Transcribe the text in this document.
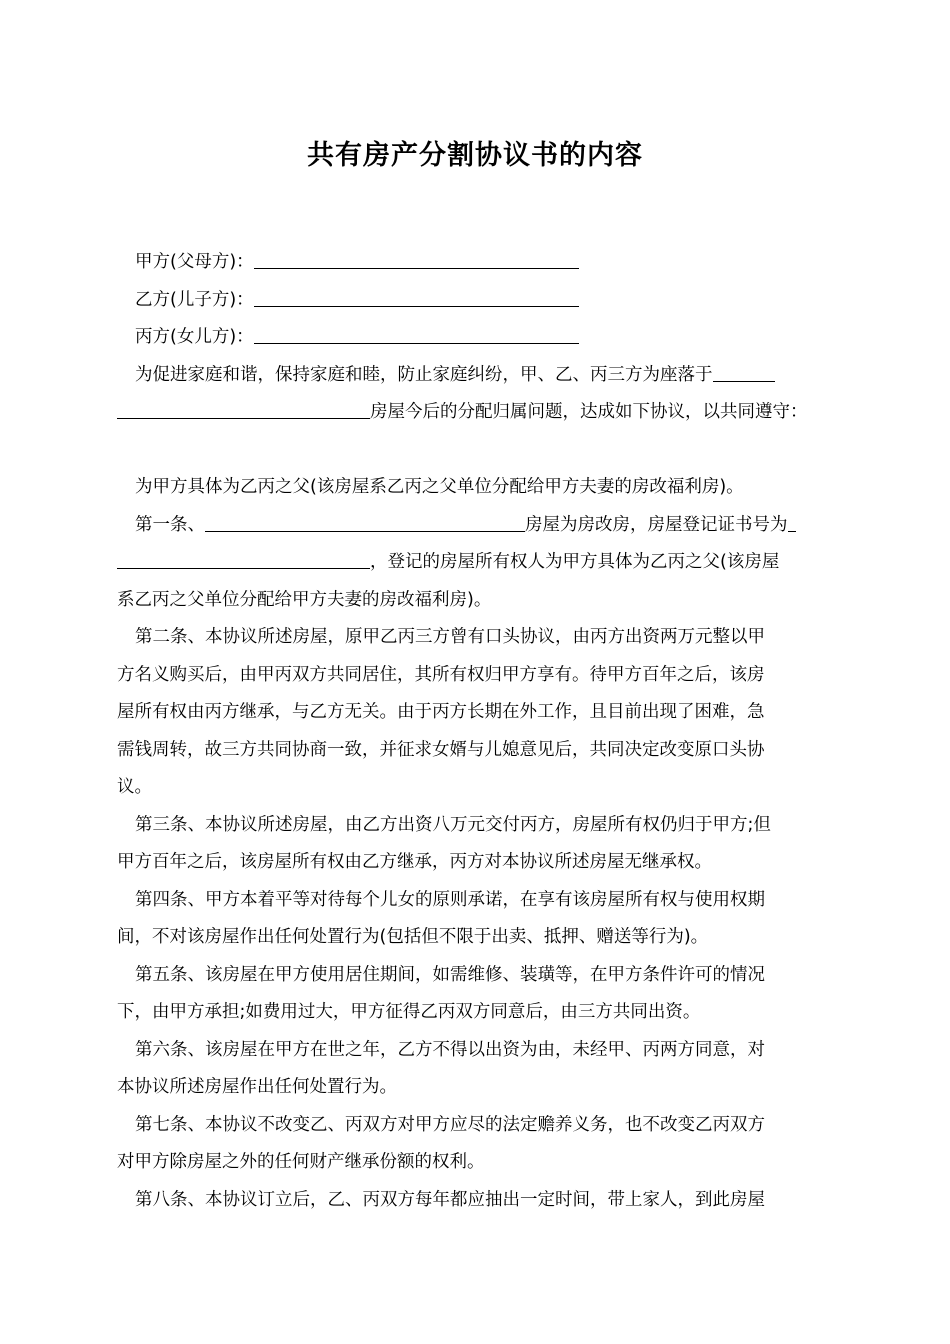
共有房产分割协议书的内容
甲方(父母方)：
乙方(儿子方)：
丙方(女儿方)：
为促进家庭和谐，保持家庭和睦，防止家庭纠纷，甲、乙、丙三方为座落于
房屋今后的分配归属问题，达成如下协议，以共同遵守：
为甲方具体为乙丙之父(该房屋系乙丙之父单位分配给甲方夫妻的房改福利房)。
第一条、	房屋为房改房，房屋登记证书号为
，登记的房屋所有权人为甲方具体为乙丙之父(该房屋
系乙丙之父单位分配给甲方夫妻的房改福利房)。
第二条、本协议所述房屋，原甲乙丙三方曾有口头协议，由丙方出资两万元整以甲
方名义购买后，由甲丙双方共同居住，其所有权归甲方享有。待甲方百年之后，该房
屋所有权由丙方继承，与乙方无关。由于丙方长期在外工作，且目前出现了困难，急
需钱周转，故三方共同协商一致，并征求女婿与儿媳意见后，共同决定改变原口头协
议。
第三条、本协议所述房屋，由乙方出资八万元交付丙方，房屋所有权仍归于甲方;但
甲方百年之后，该房屋所有权由乙方继承，丙方对本协议所述房屋无继承权。
第四条、甲方本着平等对待每个儿女的原则承诺，在享有该房屋所有权与使用权期
间，不对该房屋作出任何处置行为(包括但不限于出卖、抵押、赠送等行为)。
第五条、该房屋在甲方使用居住期间，如需维修、装璜等，在甲方条件许可的情况
下，由甲方承担;如费用过大，甲方征得乙丙双方同意后，由三方共同出资。
第六条、该房屋在甲方在世之年，乙方不得以出资为由，未经甲、丙两方同意，对
本协议所述房屋作出任何处置行为。
第七条、本协议不改变乙、丙双方对甲方应尽的法定赡养义务，也不改变乙丙双方
对甲方除房屋之外的任何财产继承份额的权利。
第八条、本协议订立后，乙、丙双方每年都应抽出一定时间，带上家人，到此房屋
